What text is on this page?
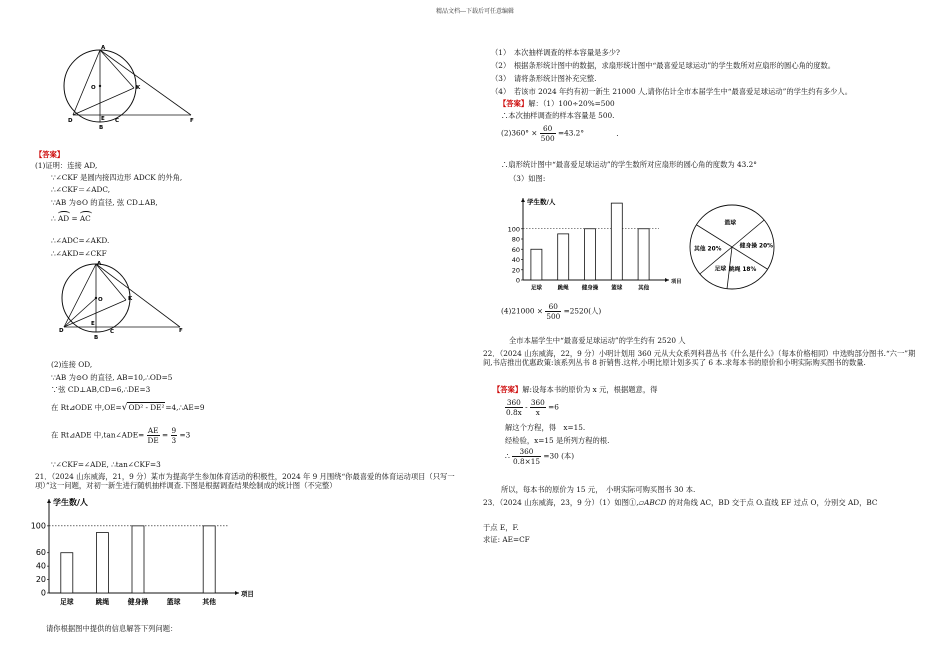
精品文档---下载后可任意编辑
A
O	K
D
B
E C	F
【答案】
(1)证明：连接 AD,
∵∠CKF 是圆内接四边形 ADCK 的外角,
∴∠CKF＝∠ADC,
∵AB 为⊙O 的直径, 弦 CD⊥AB,
∴ AD = AC
∴∠ADC=∠AKD.
∴∠AKD=∠CKF
A
O	K
D
E
B
C	F
(2)连接 OD,
∵AB 为⊙O 的直径, AB=10,∴OD=5
∵弦 CD⊥AB,CD=6,∴DE=3
在 Rt⊿ODE 中,OE=√OD² - DE²=4,∴AE=9
在 Rt⊿ADE 中,tan∠ADE= $\frac{AE}{DE} = \frac{9}{3} =3$
∵∠CKF=∠ADE, ∴tan∠CKF=3
21．（2024 山东威海，21，9 分）某市为提高学生参加体育活动的积极性，2024 年 9 月围绕“你最喜爱的体育运动项目（只写一项）”这一问题，对初一新生进行随机抽样调查.下图是根据调查结果绘制成的统计图（不完整）
学生数/人
项目
0
20
40
60
100
足球	跳绳	健身操	篮球	其他
请你根据图中提供的信息解答下列问题：
（1）　本次抽样调查的样本容量是多少?
（2）　根据条形统计图中的数据，求扇形统计图中“最喜爱足球运动”的学生数所对应扇形的圆心角的度数。
（3）　请将条形统计图补充完整.
（4）　若该市 2024 年约有初一新生 21000 人,请你估计全市本届学生中“最喜爱足球运动”的学生约有多少人。
【答案】解：（1）100÷20%=500
∴本次抽样调查的样本容量是 500.
$(2)360^\circ \times \frac{60}{500} =43.2^\circ$	.
∴扇形统计图中“最喜爱足球运动”的学生数所对应扇形的圆心角的度数为 43.2°
（3）如图:
学生数/人
项目
0
20
40
60
80
100
足球	跳绳 健身操 篮球	其他
篮球
健身操 20%
跳绳 18%
足球
其他 20%
$(4)21000 \times \frac{60}{500} =2520$(人)
全市本届学生中“最喜爱足球运动”的学生约有 2520 人
22．（2024 山东威海，22，9 分）小明计划用 360 元从大众系列科普丛书《什么是什么》（每本价格相同）中选购部分图书.“六一”期间,书店推出优惠政策:该系列丛书 8 折销售.这样,小明比原计划多买了 6 本.求每本书的原价和小明实际购买图书的数量.
【答案】解:设每本书的原价为 x 元，根据题意，得
$\frac{360}{0.8x} - \frac{360}{x} =6$
解这个方程，得　x=15.
经检验，x=15 是所列方程的根.
∴ $\frac{360}{0.8\times 15} =30$ (本)
所以，每本书的原价为 15 元，　小明实际可购买图书 30 本.
23．（2024 山东威海，23，9 分）（1）如图①,▱ABCD 的对角线 AC，BD 交于点 O.直线 EF 过点 O，分别交 AD，BC
于点 E，F.
求证: AE=CF
